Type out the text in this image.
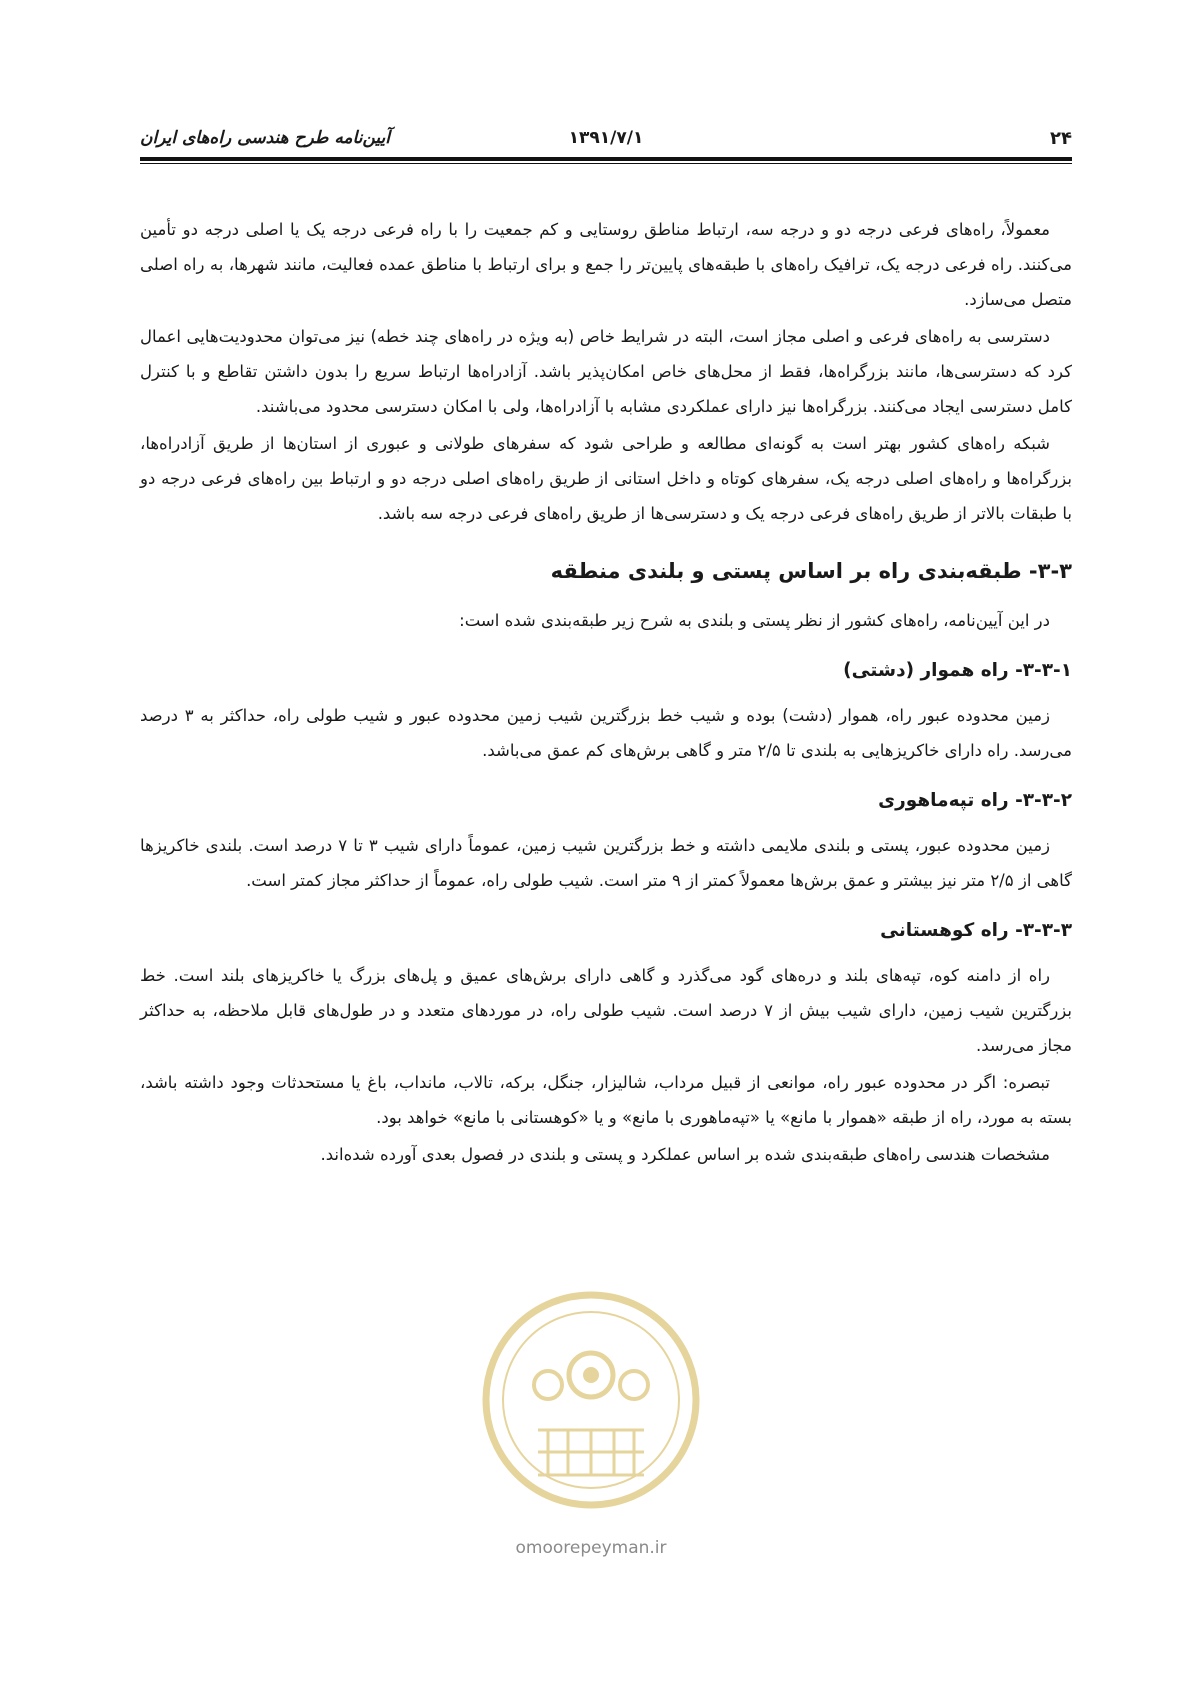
۲۴
۱۳۹۱/۷/۱
آیین‌نامه طرح هندسی راه‌های ایران

معمولاً، راه‌های فرعی درجه دو و درجه سه، ارتباط مناطق روستایی و کم جمعیت را با راه فرعی درجه یک یا اصلی درجه دو تأمین می‌کنند. راه فرعی درجه یک، ترافیک راه‌های با طبقه‌های پایین‌تر را جمع و برای ارتباط با مناطق عمده فعالیت، مانند شهرها، به راه اصلی متصل می‌سازد.

دسترسی به راه‌های فرعی و اصلی مجاز است، البته در شرایط خاص (به ویژه در راه‌های چند خطه) نیز می‌توان محدودیت‌هایی اعمال کرد که دسترسی‌ها، مانند بزرگراه‌ها، فقط از محل‌های خاص امکان‌پذیر باشد. آزادراه‌ها ارتباط سریع را بدون داشتن تقاطع و با کنترل کامل دسترسی ایجاد می‌کنند. بزرگراه‌ها نیز دارای عملکردی مشابه با آزادراه‌ها، ولی با امکان دسترسی محدود می‌باشند.

شبکه راه‌های کشور بهتر است به گونه‌ای مطالعه و طراحی شود که سفرهای طولانی و عبوری از استان‌ها از طریق آزادراه‌ها، بزرگراه‌ها و راه‌های اصلی درجه یک، سفرهای کوتاه و داخل استانی از طریق راه‌های اصلی درجه دو و ارتباط بین راه‌های فرعی درجه دو با طبقات بالاتر از طریق راه‌های فرعی درجه یک و دسترسی‌ها از طریق راه‌های فرعی درجه سه باشد.

۳-۳- طبقه‌بندی راه بر اساس پستی و بلندی منطقه

در این آیین‌نامه، راه‌های کشور از نظر پستی و بلندی به شرح زیر طبقه‌بندی شده است:

۳-۳-۱- راه هموار (دشتی)

زمین محدوده عبور راه، هموار (دشت) بوده و شیب خط بزرگترین شیب زمین محدوده عبور و شیب طولی راه، حداکثر به ۳ درصد می‌رسد. راه دارای خاکریزهایی به بلندی تا ۲/۵ متر و گاهی برش‌های کم عمق می‌باشد.

۳-۳-۲- راه تپه‌ماهوری

زمین محدوده عبور، پستی و بلندی ملایمی داشته و خط بزرگترین شیب زمین، عموماً دارای شیب ۳ تا ۷ درصد است. بلندی خاکریزها گاهی از ۲/۵ متر نیز بیشتر و عمق برش‌ها معمولاً کمتر از ۹ متر است. شیب طولی راه، عموماً از حداکثر مجاز کمتر است.

۳-۳-۳- راه کوهستانی

راه از دامنه کوه، تپه‌های بلند و دره‌های گود می‌گذرد و گاهی دارای برش‌های عمیق و پل‌های بزرگ یا خاکریزهای بلند است. خط بزرگترین شیب زمین، دارای شیب بیش از ۷ درصد است. شیب طولی راه، در موردهای متعدد و در طول‌های قابل ملاحظه، به حداکثر مجاز می‌رسد.

تبصره: اگر در محدوده عبور راه، موانعی از قبیل مرداب، شالیزار، جنگل، برکه، تالاب، مانداب، باغ یا مستحدثات وجود داشته باشد، بسته به مورد، راه از طبقه «هموار با مانع» یا «تپه‌ماهوری با مانع» و یا «کوهستانی با مانع» خواهد بود.

مشخصات هندسی راه‌های طبقه‌بندی شده بر اساس عملکرد و پستی و بلندی در فصول بعدی آورده شده‌اند.

omoorepeyman.ir
